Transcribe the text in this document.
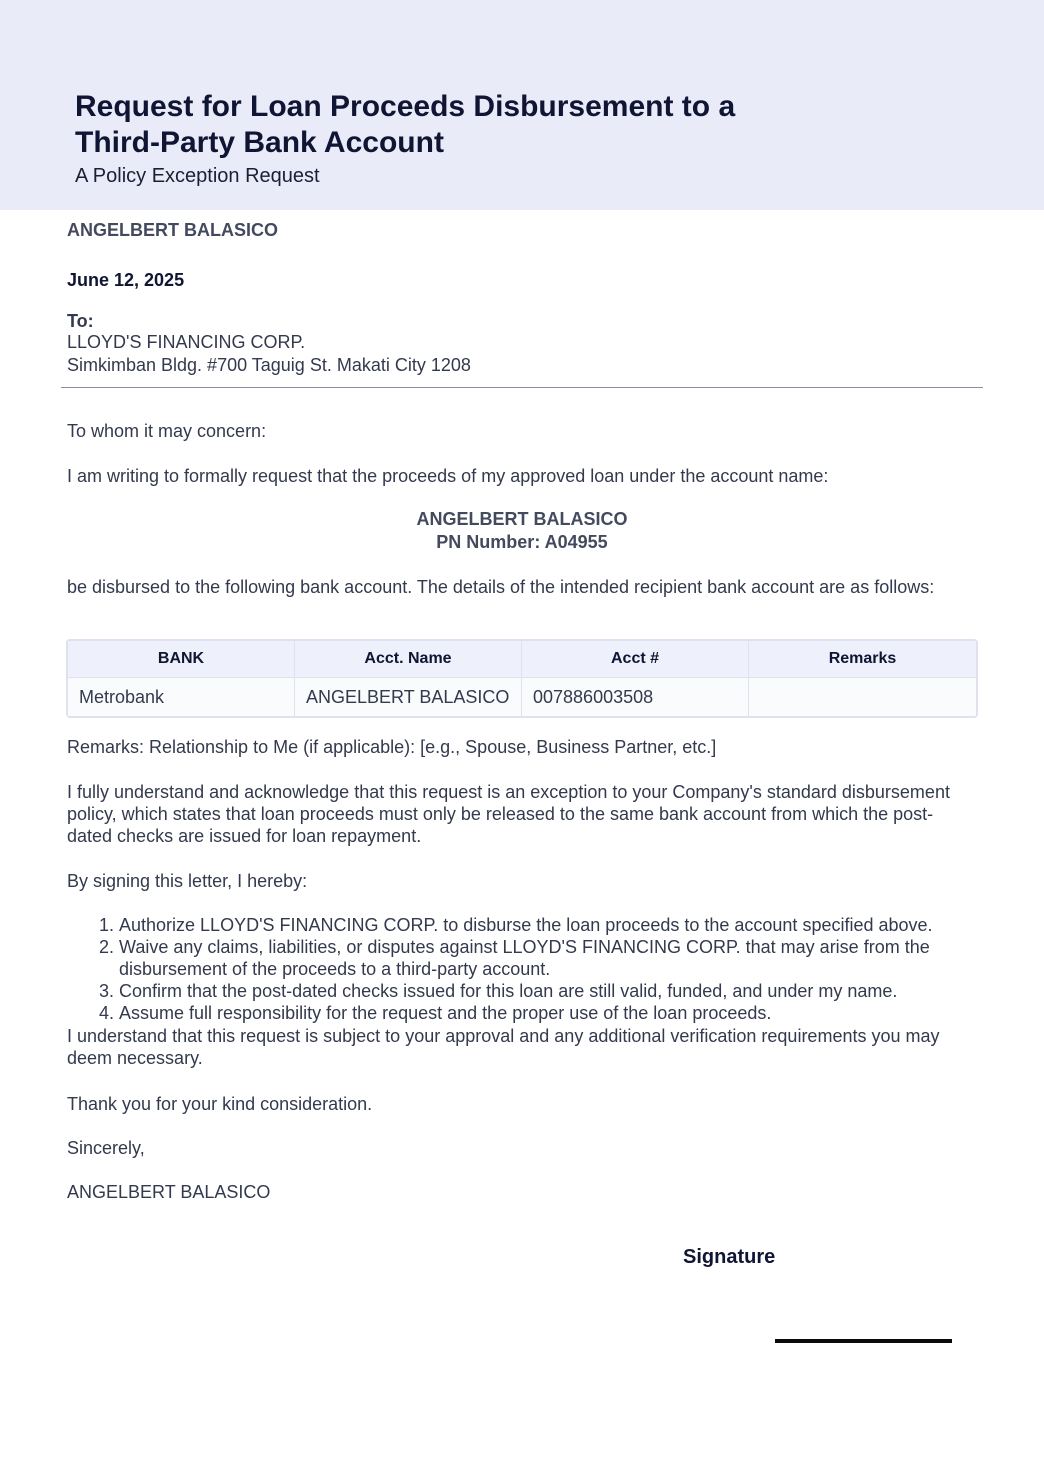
Request for Loan Proceeds Disbursement to a Third-Party Bank Account
A Policy Exception Request
ANGELBERT BALASICO
June 12, 2025
To:
LLOYD'S FINANCING CORP.
Simkimban Bldg. #700 Taguig St. Makati City 1208
To whom it may concern:
I am writing to formally request that the proceeds of my approved loan under the account name:
ANGELBERT BALASICO
PN Number: A04955
be disbursed to the following bank account. The details of the intended recipient bank account are as follows:
BANK	Acct. Name	Acct #	Remarks
Metrobank	ANGELBERT BALASICO	007886003508	
Remarks: Relationship to Me (if applicable): [e.g., Spouse, Business Partner, etc.]
I fully understand and acknowledge that this request is an exception to your Company's standard disbursement policy, which states that loan proceeds must only be released to the same bank account from which the post-dated checks are issued for loan repayment.
By signing this letter, I hereby:
1. Authorize LLOYD'S FINANCING CORP. to disburse the loan proceeds to the account specified above.
2. Waive any claims, liabilities, or disputes against LLOYD'S FINANCING CORP. that may arise from the disbursement of the proceeds to a third-party account.
3. Confirm that the post-dated checks issued for this loan are still valid, funded, and under my name.
4. Assume full responsibility for the request and the proper use of the loan proceeds.
I understand that this request is subject to your approval and any additional verification requirements you may deem necessary.
Thank you for your kind consideration.
Sincerely,
ANGELBERT BALASICO
Signature
